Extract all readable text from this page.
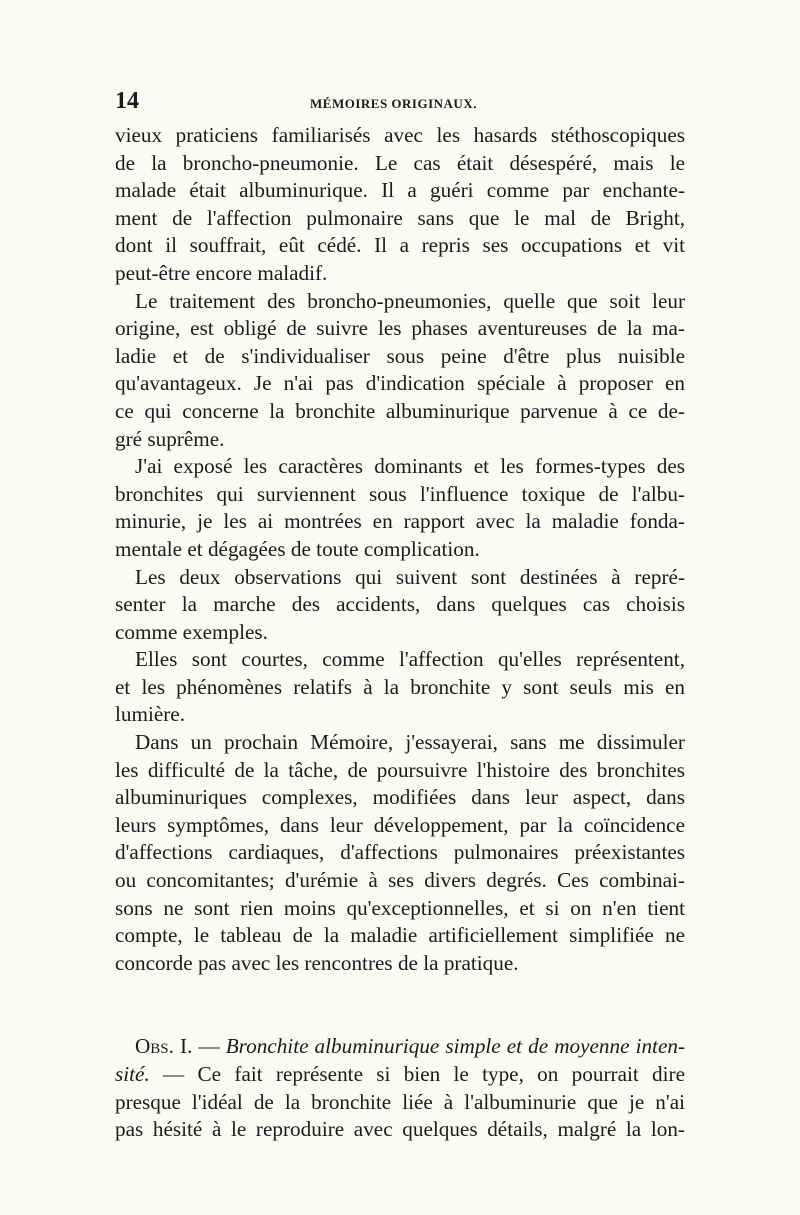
14	MÉMOIRES ORIGINAUX.
vieux praticiens familiarisés avec les hasards stéthoscopiques
de la broncho-pneumonie. Le cas était désespéré, mais le
malade était albuminurique. Il a guéri comme par enchante-
ment de l'affection pulmonaire sans que le mal de Bright,
dont il souffrait, eût cédé. Il a repris ses occupations et vit
peut-être encore maladif.
Le traitement des broncho-pneumonies, quelle que soit leur
origine, est obligé de suivre les phases aventureuses de la ma-
ladie et de s'individualiser sous peine d'être plus nuisible
qu'avantageux. Je n'ai pas d'indication spéciale à proposer en
ce qui concerne la bronchite albuminurique parvenue à ce de-
gré suprême.
J'ai exposé les caractères dominants et les formes-types des
bronchites qui surviennent sous l'influence toxique de l'albu-
minurie, je les ai montrées en rapport avec la maladie fonda-
mentale et dégagées de toute complication.
Les deux observations qui suivent sont destinées à repré-
senter la marche des accidents, dans quelques cas choisis
comme exemples.
Elles sont courtes, comme l'affection qu'elles représentent,
et les phénomènes relatifs à la bronchite y sont seuls mis en
lumière.
Dans un prochain Mémoire, j'essayerai, sans me dissimuler
les difficulté de la tâche, de poursuivre l'histoire des bronchites
albuminuriques complexes, modifiées dans leur aspect, dans
leurs symptômes, dans leur développement, par la coïncidence
d'affections cardiaques, d'affections pulmonaires préexistantes
ou concomitantes; d'urémie à ses divers degrés. Ces combinai-
sons ne sont rien moins qu'exceptionnelles, et si on n'en tient
compte, le tableau de la maladie artificiellement simplifiée ne
concorde pas avec les rencontres de la pratique.
Obs. I. — Bronchite albuminurique simple et de moyenne inten-
sité. — Ce fait représente si bien le type, on pourrait dire
presque l'idéal de la bronchite liée à l'albuminurie que je n'ai
pas hésité à le reproduire avec quelques détails, malgré la lon-
